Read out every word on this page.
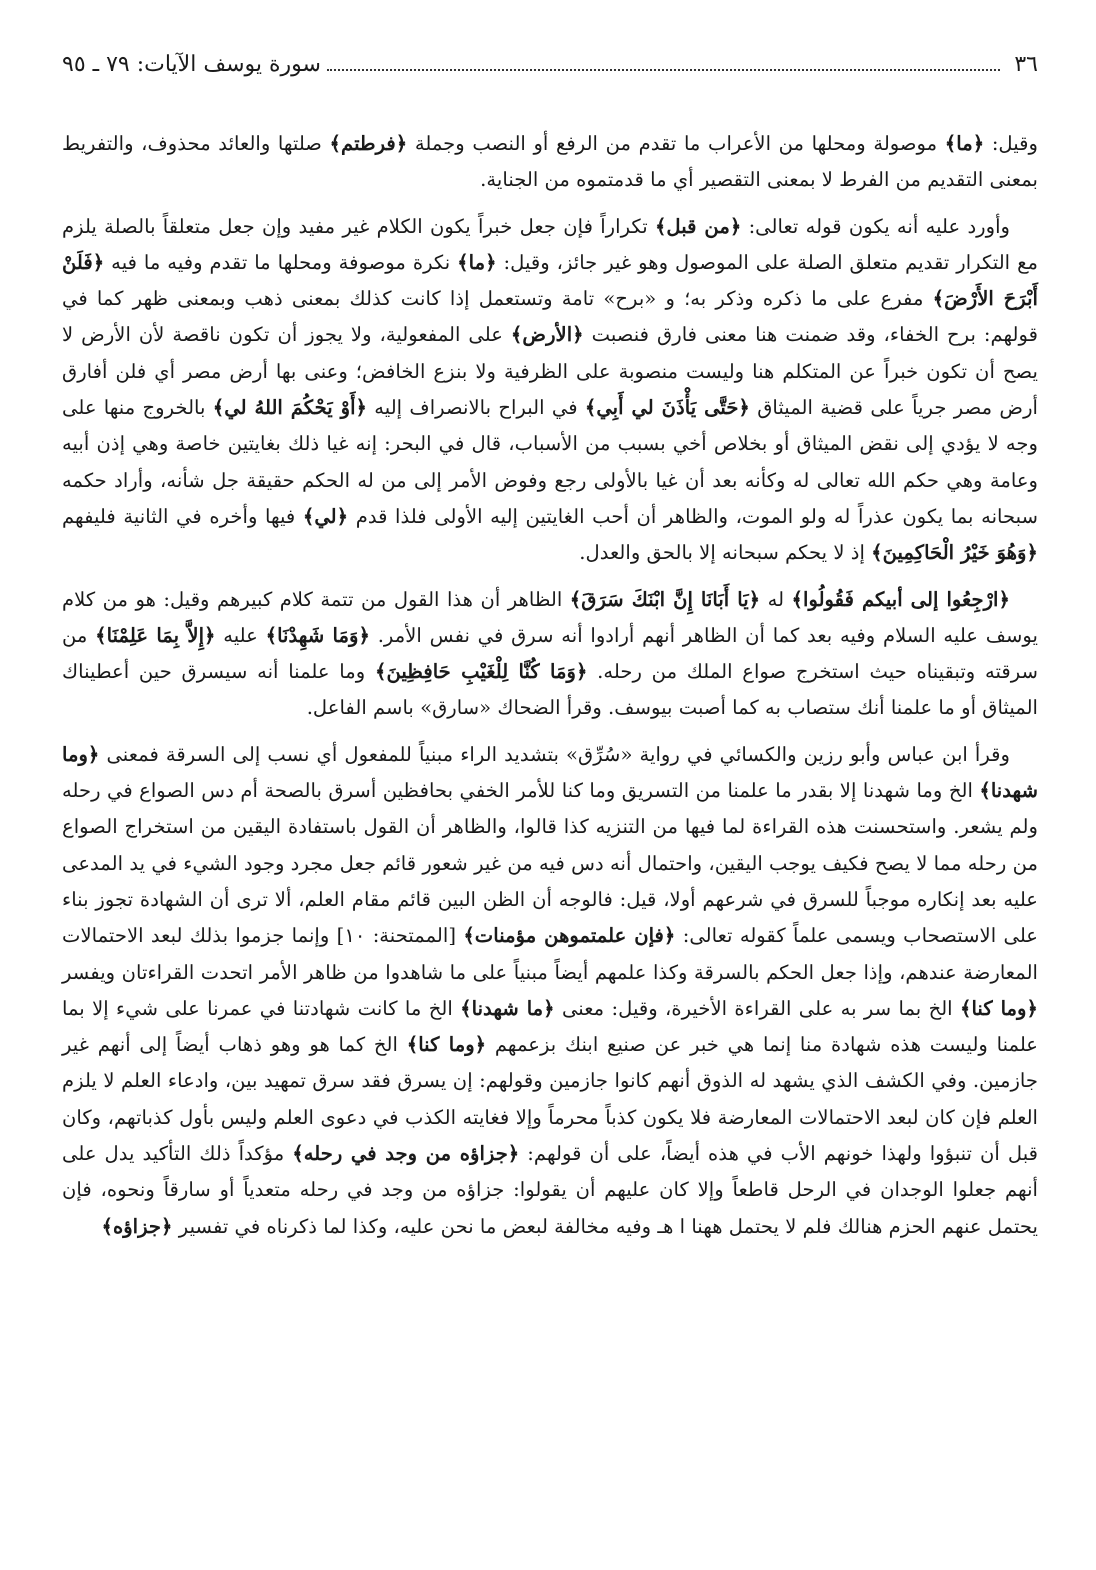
٣٦
سورة يوسف الآيات: ٧٩ ـ ٩٥

وقيل: ﴿ما﴾ موصولة ومحلها من الأعراب ما تقدم من الرفع أو النصب وجملة ﴿فرطتم﴾ صلتها والعائد محذوف، والتفريط بمعنى التقديم من الفرط لا بمعنى التقصير أي ما قدمتموه من الجناية.

وأورد عليه أنه يكون قوله تعالى: ﴿من قبل﴾ تكراراً فإن جعل خبراً يكون الكلام غير مفيد وإن جعل متعلقاً بالصلة يلزم مع التكرار تقديم متعلق الصلة على الموصول وهو غير جائز، وقيل: ﴿ما﴾ نكرة موصوفة ومحلها ما تقدم وفيه ما فيه ﴿فَلَنْ أَبْرَحَ الأَرْضَ﴾ مفرع على ما ذكره وذكر به؛ و «برح» تامة وتستعمل إذا كانت كذلك بمعنى ذهب وبمعنى ظهر كما في قولهم: برح الخفاء، وقد ضمنت هنا معنى فارق فنصبت ﴿الأرض﴾ على المفعولية، ولا يجوز أن تكون ناقصة لأن الأرض لا يصح أن تكون خبراً عن المتكلم هنا وليست منصوبة على الظرفية ولا بنزع الخافض؛ وعنى بها أرض مصر أي فلن أفارق أرض مصر جرياً على قضية الميثاق ﴿حَتَّى يَأْذَنَ لي أَبِي﴾ في البراح بالانصراف إليه ﴿أَوْ يَحْكُمَ اللهُ لي﴾ بالخروج منها على وجه لا يؤدي إلى نقض الميثاق أو بخلاص أخي بسبب من الأسباب، قال في البحر: إنه غيا ذلك بغايتين خاصة وهي إذن أبيه وعامة وهي حكم الله تعالى له وكأنه بعد أن غيا بالأولى رجع وفوض الأمر إلى من له الحكم حقيقة جل شأنه، وأراد حكمه سبحانه بما يكون عذراً له ولو الموت، والظاهر أن أحب الغايتين إليه الأولى فلذا قدم ﴿لي﴾ فيها وأخره في الثانية فليفهم ﴿وَهُوَ خَيْرُ الْحَاكِمِينَ﴾ إذ لا يحكم سبحانه إلا بالحق والعدل.

﴿ارْجِعُوا إلى أبيكم فَقُولُوا﴾ له ﴿يَا أَبَانَا إِنَّ ابْنَكَ سَرَقَ﴾ الظاهر أن هذا القول من تتمة كلام كبيرهم وقيل: هو من كلام يوسف عليه السلام وفيه بعد كما أن الظاهر أنهم أرادوا أنه سرق في نفس الأمر. ﴿وَمَا شَهِدْنَا﴾ عليه ﴿إِلاَّ بِمَا عَلِمْنَا﴾ من سرقته وتبقيناه حيث استخرج صواع الملك من رحله. ﴿وَمَا كُنَّا لِلْغَيْبِ حَافِظِينَ﴾ وما علمنا أنه سيسرق حين أعطيناك الميثاق أو ما علمنا أنك ستصاب به كما أصبت بيوسف. وقرأ الضحاك «سارق» باسم الفاعل.

وقرأ ابن عباس وأبو رزين والكسائي في رواية «سُرِّق» بتشديد الراء مبنياً للمفعول أي نسب إلى السرقة فمعنى ﴿وما شهدنا﴾ الخ وما شهدنا إلا بقدر ما علمنا من التسريق وما كنا للأمر الخفي بحافظين أسرق بالصحة أم دس الصواع في رحله ولم يشعر. واستحسنت هذه القراءة لما فيها من التنزيه كذا قالوا، والظاهر أن القول باستفادة اليقين من استخراج الصواع من رحله مما لا يصح فكيف يوجب اليقين، واحتمال أنه دس فيه من غير شعور قائم جعل مجرد وجود الشيء في يد المدعى عليه بعد إنكاره موجباً للسرق في شرعهم أولا، قيل: فالوجه أن الظن البين قائم مقام العلم، ألا ترى أن الشهادة تجوز بناء على الاستصحاب ويسمى علماً كقوله تعالى: ﴿فإن علمتموهن مؤمنات﴾ [الممتحنة: ١٠] وإنما جزموا بذلك لبعد الاحتمالات المعارضة عندهم، وإذا جعل الحكم بالسرقة وكذا علمهم أيضاً مبنياً على ما شاهدوا من ظاهر الأمر اتحدت القراءتان ويفسر ﴿وما كنا﴾ الخ بما سر به على القراءة الأخيرة، وقيل: معنى ﴿ما شهدنا﴾ الخ ما كانت شهادتنا في عمرنا على شيء إلا بما علمنا وليست هذه شهادة منا إنما هي خبر عن صنيع ابنك بزعمهم ﴿وما كنا﴾ الخ كما هو وهو ذهاب أيضاً إلى أنهم غير جازمين. وفي الكشف الذي يشهد له الذوق أنهم كانوا جازمين وقولهم: إن يسرق فقد سرق تمهيد بين، وادعاء العلم لا يلزم العلم فإن كان لبعد الاحتمالات المعارضة فلا يكون كذباً محرماً وإلا فغايته الكذب في دعوى العلم وليس بأول كذباتهم، وكان قبل أن تنبؤوا ولهذا خونهم الأب في هذه أيضاً، على أن قولهم: ﴿جزاؤه من وجد في رحله﴾ مؤكداً ذلك التأكيد يدل على أنهم جعلوا الوجدان في الرحل قاطعاً وإلا كان عليهم أن يقولوا: جزاؤه من وجد في رحله متعدياً أو سارقاً ونحوه، فإن يحتمل عنهم الحزم هنالك فلم لا يحتمل ههنا ا هـ وفيه مخالفة لبعض ما نحن عليه، وكذا لما ذكرناه في تفسير ﴿جزاؤه﴾
